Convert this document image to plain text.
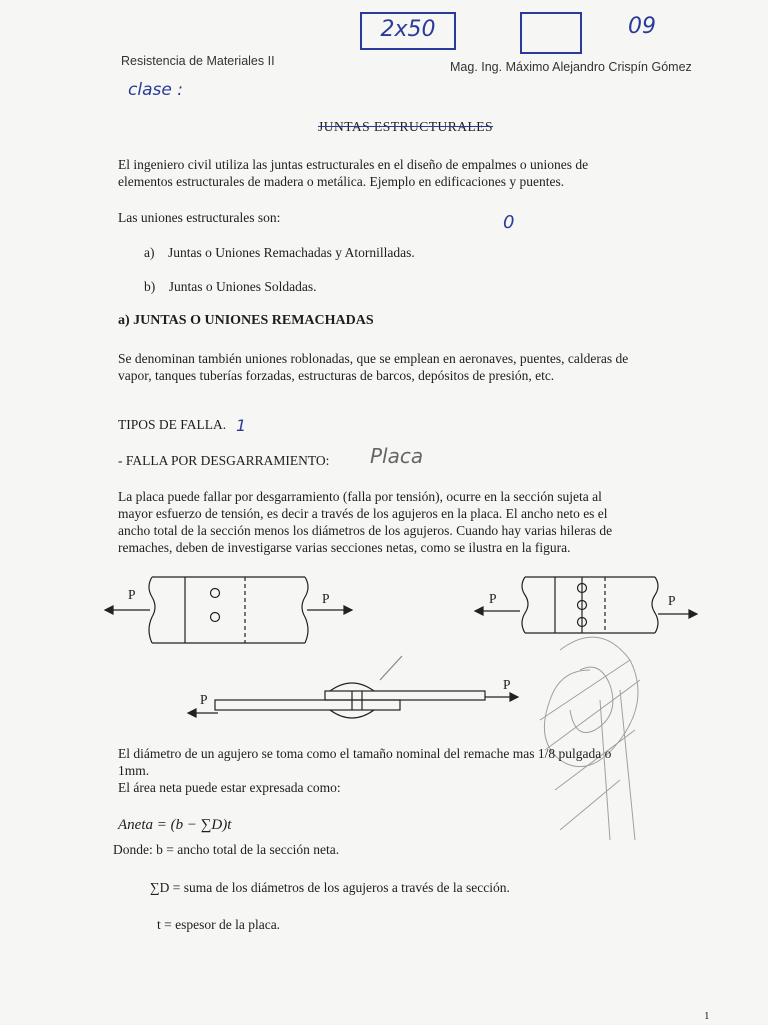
Resistencia de Materiales II	Mag. Ing. Máximo Alejandro Crispín Gómez
2x50	09
clase :
JUNTAS ESTRUCTURALES
El ingeniero civil utiliza las juntas estructurales en el diseño de empalmes o uniones de
elementos estructurales de madera o metálica. Ejemplo en edificaciones y puentes.
Las uniones estructurales son:	0
a) Juntas o Uniones Remachadas y Atornilladas.
b) Juntas o Uniones Soldadas.
a) JUNTAS O UNIONES REMACHADAS
Se denominan también uniones roblonadas, que se emplean en aeronaves, puentes, calderas de
vapor, tanques tuberías forzadas, estructuras de barcos, depósitos de presión, etc.
TIPOS DE FALLA. 1
- FALLA POR DESGARRAMIENTO: Placa
La placa puede fallar por desgarramiento (falla por tensión), ocurre en la sección sujeta al
mayor esfuerzo de tensión, es decir a través de los agujeros en la placa. El ancho neto es el
ancho total de la sección menos los diámetros de los agujeros. Cuando hay varias hileras de
remaches, deben de investigarse varias secciones netas, como se ilustra en la figura.
P	P	P	P
P
P
El diámetro de un agujero se toma como el tamaño nominal del remache mas 1/8 pulgada o
1mm.
El área neta puede estar expresada como:
Aneta = (b − ∑D)t
Donde: b = ancho total de la sección neta.
∑D = suma de los diámetros de los agujeros a través de la sección.
t = espesor de la placa.
1
